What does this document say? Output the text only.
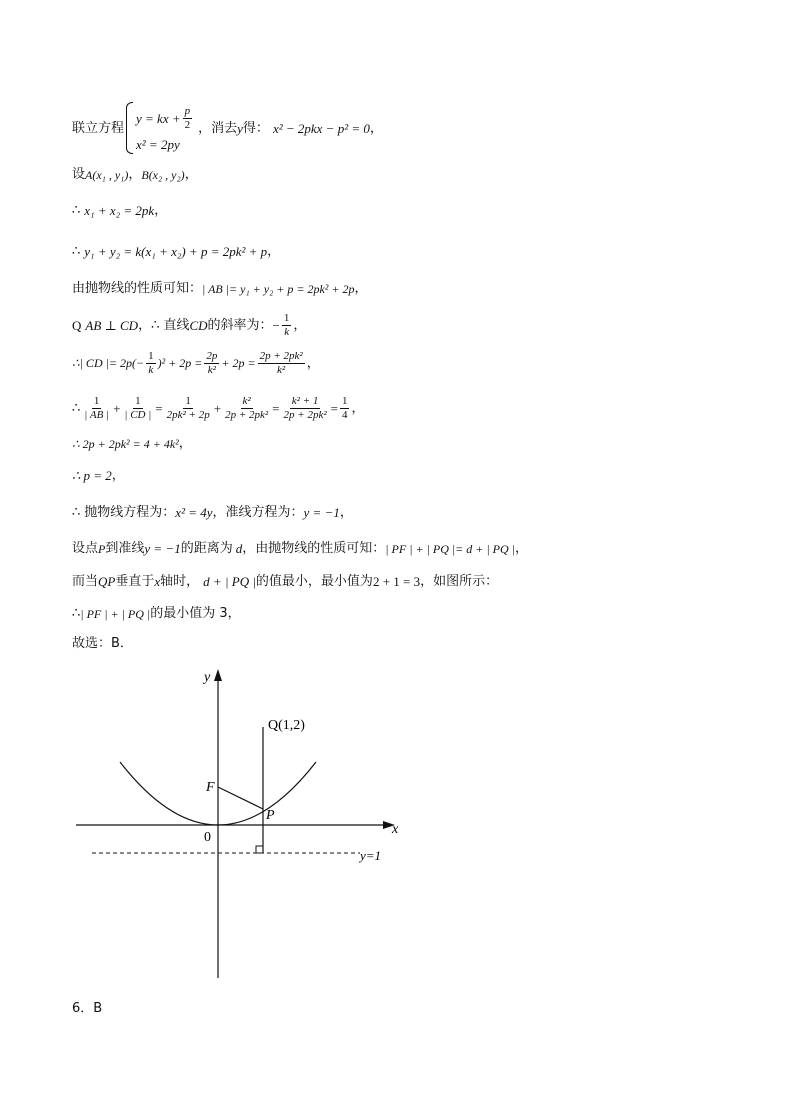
联立方程
y = kx + $\frac{p}{2}$
x² = 2py
，消去 y 得： x² − 2pkx − p² = 0 ，
设 A(x₁ , y₁) ， B(x₂ , y₂) ，
∴ x₁ + x₂ = 2pk ，
∴ y₁ + y₂ = k(x₁ + x₂) + p = 2pk² + p ，
由抛物线的性质可知： | AB |= y₁ + y₂ + p = 2pk² + 2p ，
Q AB ⊥ CD ，∴ 直线 CD 的斜率为： − $\frac{1}{k}$ ，
∴| CD |= $2p(- \frac{1}{k} )^2 + 2p = \frac{2p}{\text{k²}} + 2p = \frac{\text{2p + 2pk²}}{\text{k²}}$ ，
∴ $\frac{1}{| AB |} + \frac{1}{| CD |} = \frac{1}{\text{2pk² + 2p}} + \frac{\text{k²}}{\text{2p + 2pk²}} = \frac{\text{k² + 1}}{\text{2p + 2pk²}} = \frac{1}{4}$ ，
∴ 2p + 2pk² = 4 + 4k² ，
∴ p = 2 ，
∴ 抛物线方程为： x² = 4y ，准线方程为： y = −1 ，
设点 P 到准线 y = −1 的距离为 d ，由抛物线的性质可知： | PF | + | PQ |= d + | PQ | ，
而当 QP 垂直于 x 轴时， d + | PQ | 的值最小，最小值为 2 + 1 = 3 ，如图所示：
∴ | PF | + | PQ | 的最小值为 3，
故选：B．
y
x
Q(1,2)
F
P
0
y=1
6．B
